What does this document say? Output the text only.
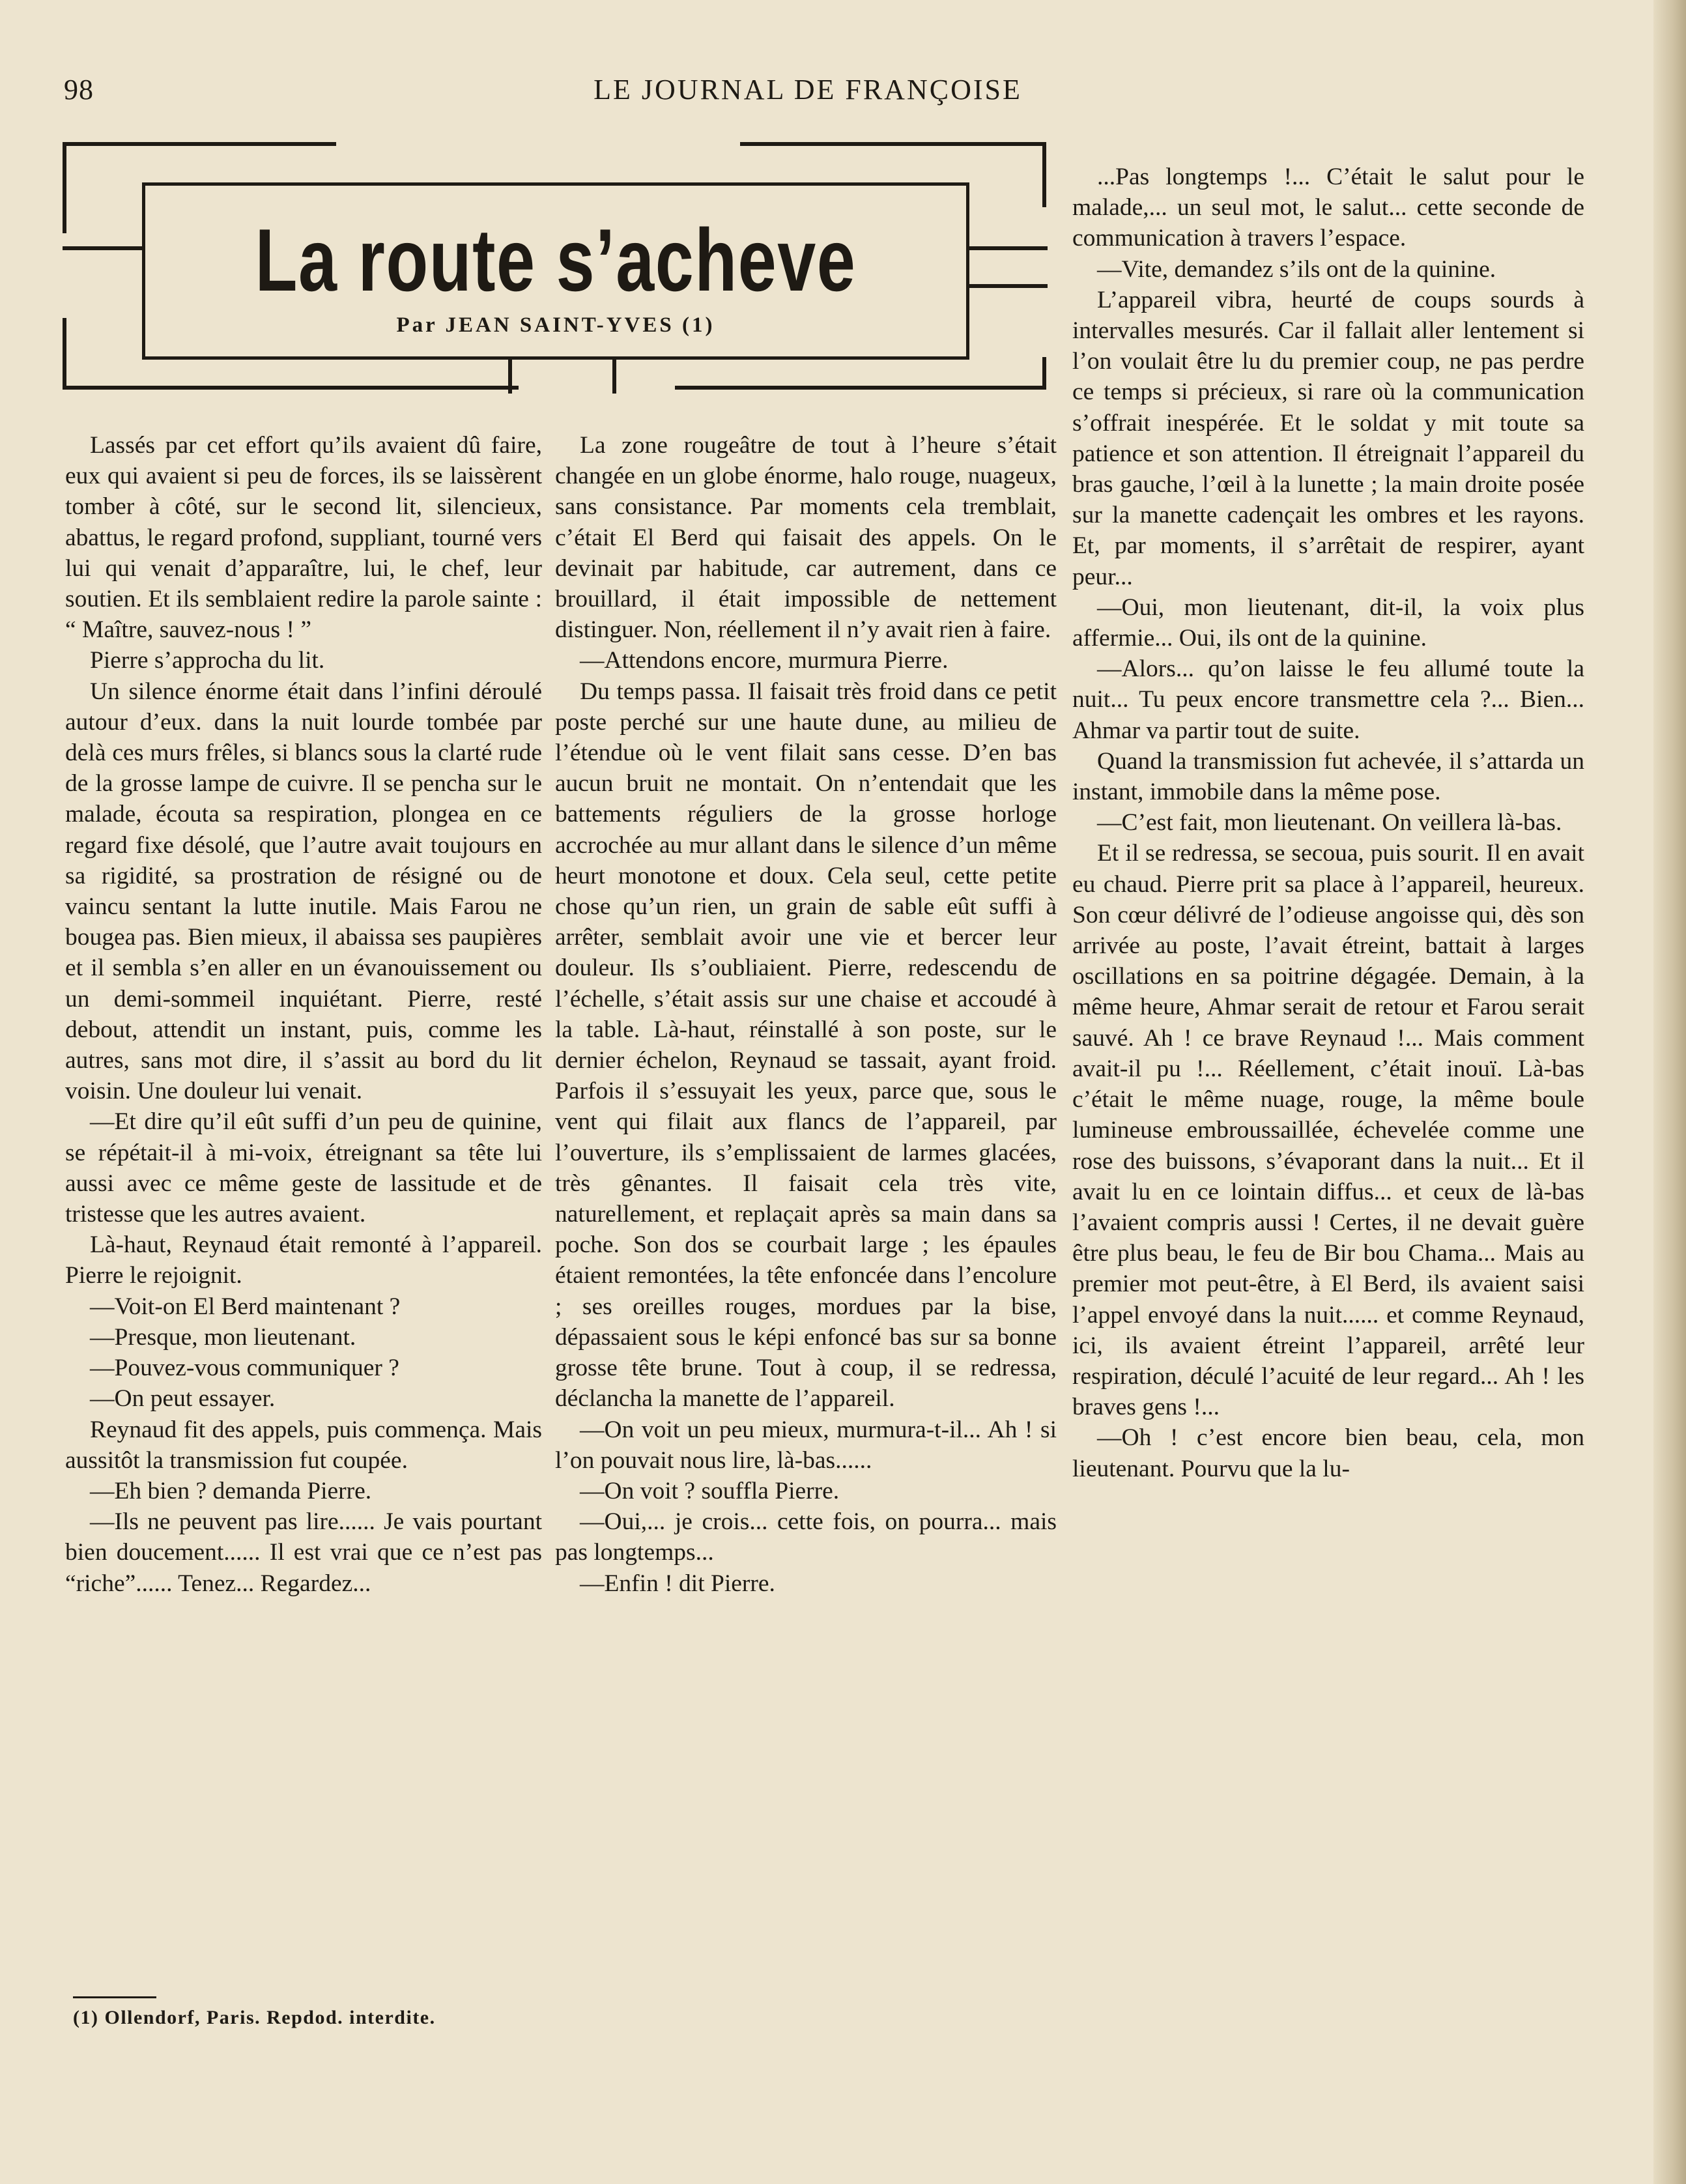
98	LE JOURNAL DE FRANÇOISE
La route s’acheve
Par JEAN SAINT-YVES (1)

Lassés par cet effort qu’ils avaient dû faire, eux qui avaient si peu de forces, ils se laissèrent tomber à côté, sur le second lit, silencieux, abattus, le regard profond, suppliant, tourné vers lui qui venait d’apparaître, lui, le chef, leur soutien. Et ils semblaient redire la parole sainte : “ Maître, sauvez-nous ! ”

Pierre s’approcha du lit.

Un silence énorme était dans l’infini déroulé autour d’eux. dans la nuit lourde tombée par delà ces murs frêles, si blancs sous la clarté rude de la grosse lampe de cuivre. Il se pencha sur le malade, écouta sa respiration, plongea en ce regard fixe désolé, que l’autre avait toujours en sa rigidité, sa prostration de résigné ou de vaincu sentant la lutte inutile. Mais Farou ne bougea pas. Bien mieux, il abaissa ses paupières et il sembla s’en aller en un évanouissement ou un demi-sommeil inquiétant. Pierre, resté debout, attendit un instant, puis, comme les autres, sans mot dire, il s’assit au bord du lit voisin. Une douleur lui venait.

—Et dire qu’il eût suffi d’un peu de quinine, se répétait-il à mi-voix, étreignant sa tête lui aussi avec ce même geste de lassitude et de tristesse que les autres avaient.

Là-haut, Reynaud était remonté à l’appareil. Pierre le rejoignit.

—Voit-on El Berd maintenant ?

—Presque, mon lieutenant.

—Pouvez-vous communiquer ?

—On peut essayer.

Reynaud fit des appels, puis commença. Mais aussitôt la transmission fut coupée.

—Eh bien ? demanda Pierre.

—Ils ne peuvent pas lire...... Je vais pourtant bien doucement...... Il est vrai que ce n’est pas “riche”...... Tenez... Regardez...

La zone rougeâtre de tout à l’heure s’était changée en un globe énorme, halo rouge, nuageux, sans consistance. Par moments cela tremblait, c’était El Berd qui faisait des appels. On le devinait par habitude, car autrement, dans ce brouillard, il était impossible de nettement distinguer. Non, réellement il n’y avait rien à faire.

—Attendons encore, murmura Pierre.

Du temps passa. Il faisait très froid dans ce petit poste perché sur une haute dune, au milieu de l’étendue où le vent filait sans cesse. D’en bas aucun bruit ne montait. On n’entendait que les battements réguliers de la grosse horloge accrochée au mur allant dans le silence d’un même heurt monotone et doux. Cela seul, cette petite chose qu’un rien, un grain de sable eût suffi à arrêter, semblait avoir une vie et bercer leur douleur. Ils s’oubliaient. Pierre, redescendu de l’échelle, s’était assis sur une chaise et accoudé à la table. Là-haut, réinstallé à son poste, sur le dernier échelon, Reynaud se tassait, ayant froid. Parfois il s’essuyait les yeux, parce que, sous le vent qui filait aux flancs de l’appareil, par l’ouverture, ils s’emplissaient de larmes glacées, très gênantes. Il faisait cela très vite, naturellement, et replaçait après sa main dans sa poche. Son dos se courbait large ; les épaules étaient remontées, la tête enfoncée dans l’encolure ; ses oreilles rouges, mordues par la bise, dépassaient sous le képi enfoncé bas sur sa bonne grosse tête brune. Tout à coup, il se redressa, déclancha la manette de l’appareil.

—On voit un peu mieux, murmura-t-il... Ah ! si l’on pouvait nous lire, là-bas......

—On voit ? souffla Pierre.

—Oui,... je crois... cette fois, on pourra... mais pas longtemps...

—Enfin ! dit Pierre.

...Pas longtemps !... C’était le salut pour le malade,... un seul mot, le salut... cette seconde de communication à travers l’espace.

—Vite, demandez s’ils ont de la quinine.

L’appareil vibra, heurté de coups sourds à intervalles mesurés. Car il fallait aller lentement si l’on voulait être lu du premier coup, ne pas perdre ce temps si précieux, si rare où la communication s’offrait inespérée. Et le soldat y mit toute sa patience et son attention. Il étreignait l’appareil du bras gauche, l’œil à la lunette ; la main droite posée sur la manette cadençait les ombres et les rayons. Et, par moments, il s’arrêtait de respirer, ayant peur...

—Oui, mon lieutenant, dit-il, la voix plus affermie... Oui, ils ont de la quinine.

—Alors... qu’on laisse le feu allumé toute la nuit... Tu peux encore transmettre cela ?... Bien... Ahmar va partir tout de suite.

Quand la transmission fut achevée, il s’attarda un instant, immobile dans la même pose.

—C’est fait, mon lieutenant. On veillera là-bas.

Et il se redressa, se secoua, puis sourit. Il en avait eu chaud. Pierre prit sa place à l’appareil, heureux. Son cœur délivré de l’odieuse angoisse qui, dès son arrivée au poste, l’avait étreint, battait à larges oscillations en sa poitrine dégagée. Demain, à la même heure, Ahmar serait de retour et Farou serait sauvé. Ah ! ce brave Reynaud !... Mais comment avait-il pu !... Réellement, c’était inouï. Là-bas c’était le même nuage, rouge, la même boule lumineuse embroussaillée, échevelée comme une rose des buissons, s’évaporant dans la nuit... Et il avait lu en ce lointain diffus... et ceux de là-bas l’avaient compris aussi ! Certes, il ne devait guère être plus beau, le feu de Bir bou Chama... Mais au premier mot peut-être, à El Berd, ils avaient saisi l’appel envoyé dans la nuit...... et comme Reynaud, ici, ils avaient étreint l’appareil, arrêté leur respiration, déculé l’acuité de leur regard... Ah ! les braves gens !...

—Oh ! c’est encore bien beau, cela, mon lieutenant. Pourvu que la lu-

(1) Ollendorf, Paris. Repdod. interdite.
